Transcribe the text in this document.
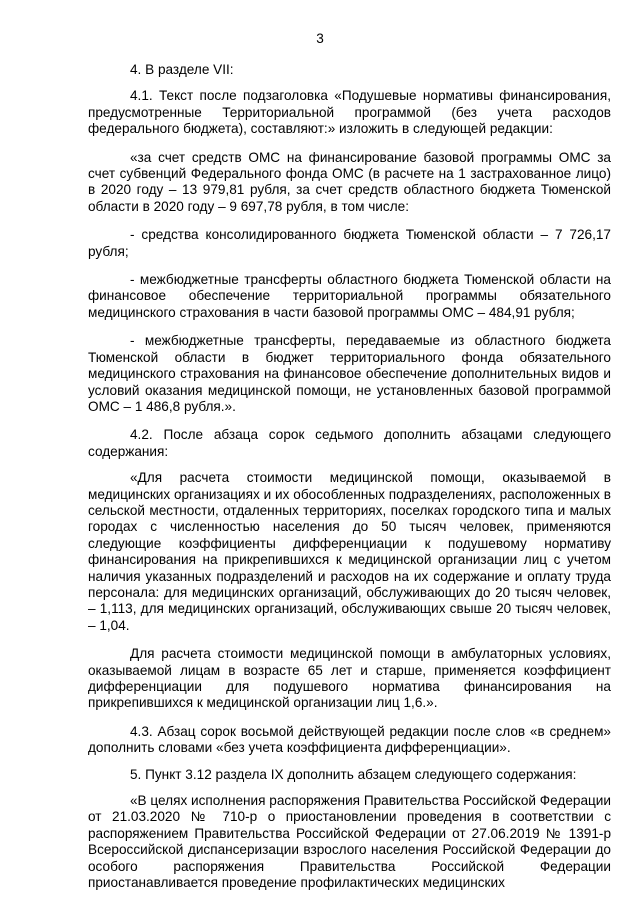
3

4. В разделе VII:

4.1. Текст после подзаголовка «Подушевые нормативы финансирования, предусмотренные Территориальной программой (без учета расходов федерального бюджета), составляют:» изложить в следующей редакции:

«за счет средств ОМС на финансирование базовой программы ОМС за счет субвенций Федерального фонда ОМС (в расчете на 1 застрахованное лицо) в 2020 году – 13 979,81 рубля, за счет средств областного бюджета Тюменской области в 2020 году – 9 697,78 рубля, в том числе:

- средства консолидированного бюджета Тюменской области – 7 726,17 рубля;

- межбюджетные трансферты областного бюджета Тюменской области на финансовое обеспечение территориальной программы обязательного медицинского страхования в части базовой программы ОМС – 484,91 рубля;

- межбюджетные трансферты, передаваемые из областного бюджета Тюменской области в бюджет территориального фонда обязательного медицинского страхования на финансовое обеспечение дополнительных видов и условий оказания медицинской помощи, не установленных базовой программой ОМС – 1 486,8 рубля.».

4.2. После абзаца сорок седьмого дополнить абзацами следующего содержания:

«Для расчета стоимости медицинской помощи, оказываемой в медицинских организациях и их обособленных подразделениях, расположенных в сельской местности, отдаленных территориях, поселках городского типа и малых городах с численностью населения до 50 тысяч человек, применяются следующие коэффициенты дифференциации к подушевому нормативу финансирования на прикрепившихся к медицинской организации лиц с учетом наличия указанных подразделений и расходов на их содержание и оплату труда персонала: для медицинских организаций, обслуживающих до 20 тысяч человек, – 1,113, для медицинских организаций, обслуживающих свыше 20 тысяч человек, – 1,04.

Для расчета стоимости медицинской помощи в амбулаторных условиях, оказываемой лицам в возрасте 65 лет и старше, применяется коэффициент дифференциации для подушевого норматива финансирования на прикрепившихся к медицинской организации лиц 1,6.».

4.3. Абзац сорок восьмой действующей редакции после слов «в среднем» дополнить словами «без учета коэффициента дифференциации».

5. Пункт 3.12 раздела IX дополнить абзацем следующего содержания:

«В целях исполнения распоряжения Правительства Российской Федерации от 21.03.2020 № 710-р о приостановлении проведения в соответствии с распоряжением Правительства Российской Федерации от 27.06.2019 № 1391-р Всероссийской диспансеризации взрослого населения Российской Федерации до особого распоряжения Правительства Российской Федерации приостанавливается проведение профилактических медицинских
